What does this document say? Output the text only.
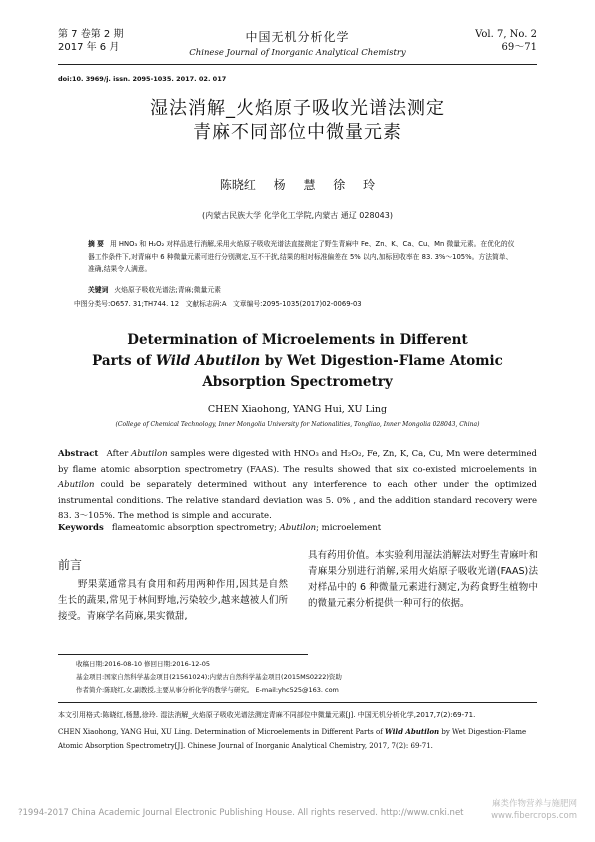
第 7 卷第 2 期
2017 年 6 月
中国无机分析化学
Chinese Journal of Inorganic Analytical Chemistry
Vol. 7, No. 2
69～71
doi:10. 3969/j. issn. 2095-1035. 2017. 02. 017
湿法消解_火焰原子吸收光谱法测定
青麻不同部位中微量元素
陈晓红 杨 慧 徐 玲
(内蒙古民族大学 化学化工学院,内蒙古 通辽 028043)
摘 要 用 HNO₃ 和 H₂O₂ 对样品进行消解,采用火焰原子吸收光谱法直接测定了野生青麻中 Fe、Zn、K、Ca、Cu、Mn 微量元素。在优化的仪器工作条件下,对青麻中 6 种微量元素可进行分别测定,互不干扰,结果的相对标准偏差在 5% 以内,加标回收率在 83. 3%～105%。方法简单、准确,结果令人满意。
关键词 火焰原子吸收光谱法;青麻;微量元素
中图分类号:O657. 31;TH744. 12 文献标志码:A 文章编号:2095-1035(2017)02-0069-03
Determination of Microelements in Different
Parts of Wild Abutilon by Wet Digestion-Flame Atomic
Absorption Spectrometry
CHEN Xiaohong, YANG Hui, XU Ling
(College of Chemical Technology, Inner Mongolia University for Nationalities, Tongliao, Inner Mongolia 028043, China)
Abstract After Abutilon samples were digested with HNO₃ and H₂O₂, Fe, Zn, K, Ca, Cu, Mn were determined by flame atomic absorption spectrometry (FAAS). The results showed that six co-existed microelements in Abutilon could be separately determined without any interference to each other under the optimized instrumental conditions. The relative standard deviation was 5. 0% , and the addition standard recovery were 83. 3～105%. The method is simple and accurate.
Keywords flameatomic absorption spectrometry; Abutilon; microelement
前言
野果菜通常具有食用和药用两种作用,因其是自然生长的蔬果,常见于林间野地,污染较少,越来越被人们所接受。青麻学名苘麻,果实微甜,
具有药用价值。本实验利用湿法消解法对野生青麻叶和青麻果分别进行消解,采用火焰原子吸收光谱(FAAS)法对样品中的 6 种微量元素进行测定,为药食野生植物中的微量元素分析提供一种可行的依据。
收稿日期:2016-08-10 修回日期:2016-12-05
基金项目:国家自然科学基金项目(21561024);内蒙古自然科学基金项目(2015MS0222)资助
作者简介:陈晓红,女,副教授,主要从事分析化学的教学与研究。 E-mail:yhc525@163. com
本文引用格式:陈晓红,杨慧,徐玲. 湿法消解_火焰原子吸收光谱法测定青麻不同部位中微量元素[J]. 中国无机分析化学,2017,7(2):69-71.
CHEN Xiaohong, YANG Hui, XU Ling. Determination of Microelements in Different Parts of Wild Abutilon by Wet Digestion-Flame Atomic Absorption Spectrometry[J]. Chinese Journal of Inorganic Analytical Chemistry, 2017, 7(2): 69-71.
?1994-2017 China Academic Journal Electronic Publishing House. All rights reserved. http://www.cnki.net
麻类作物营养与施肥网
www.fibercrops.com
